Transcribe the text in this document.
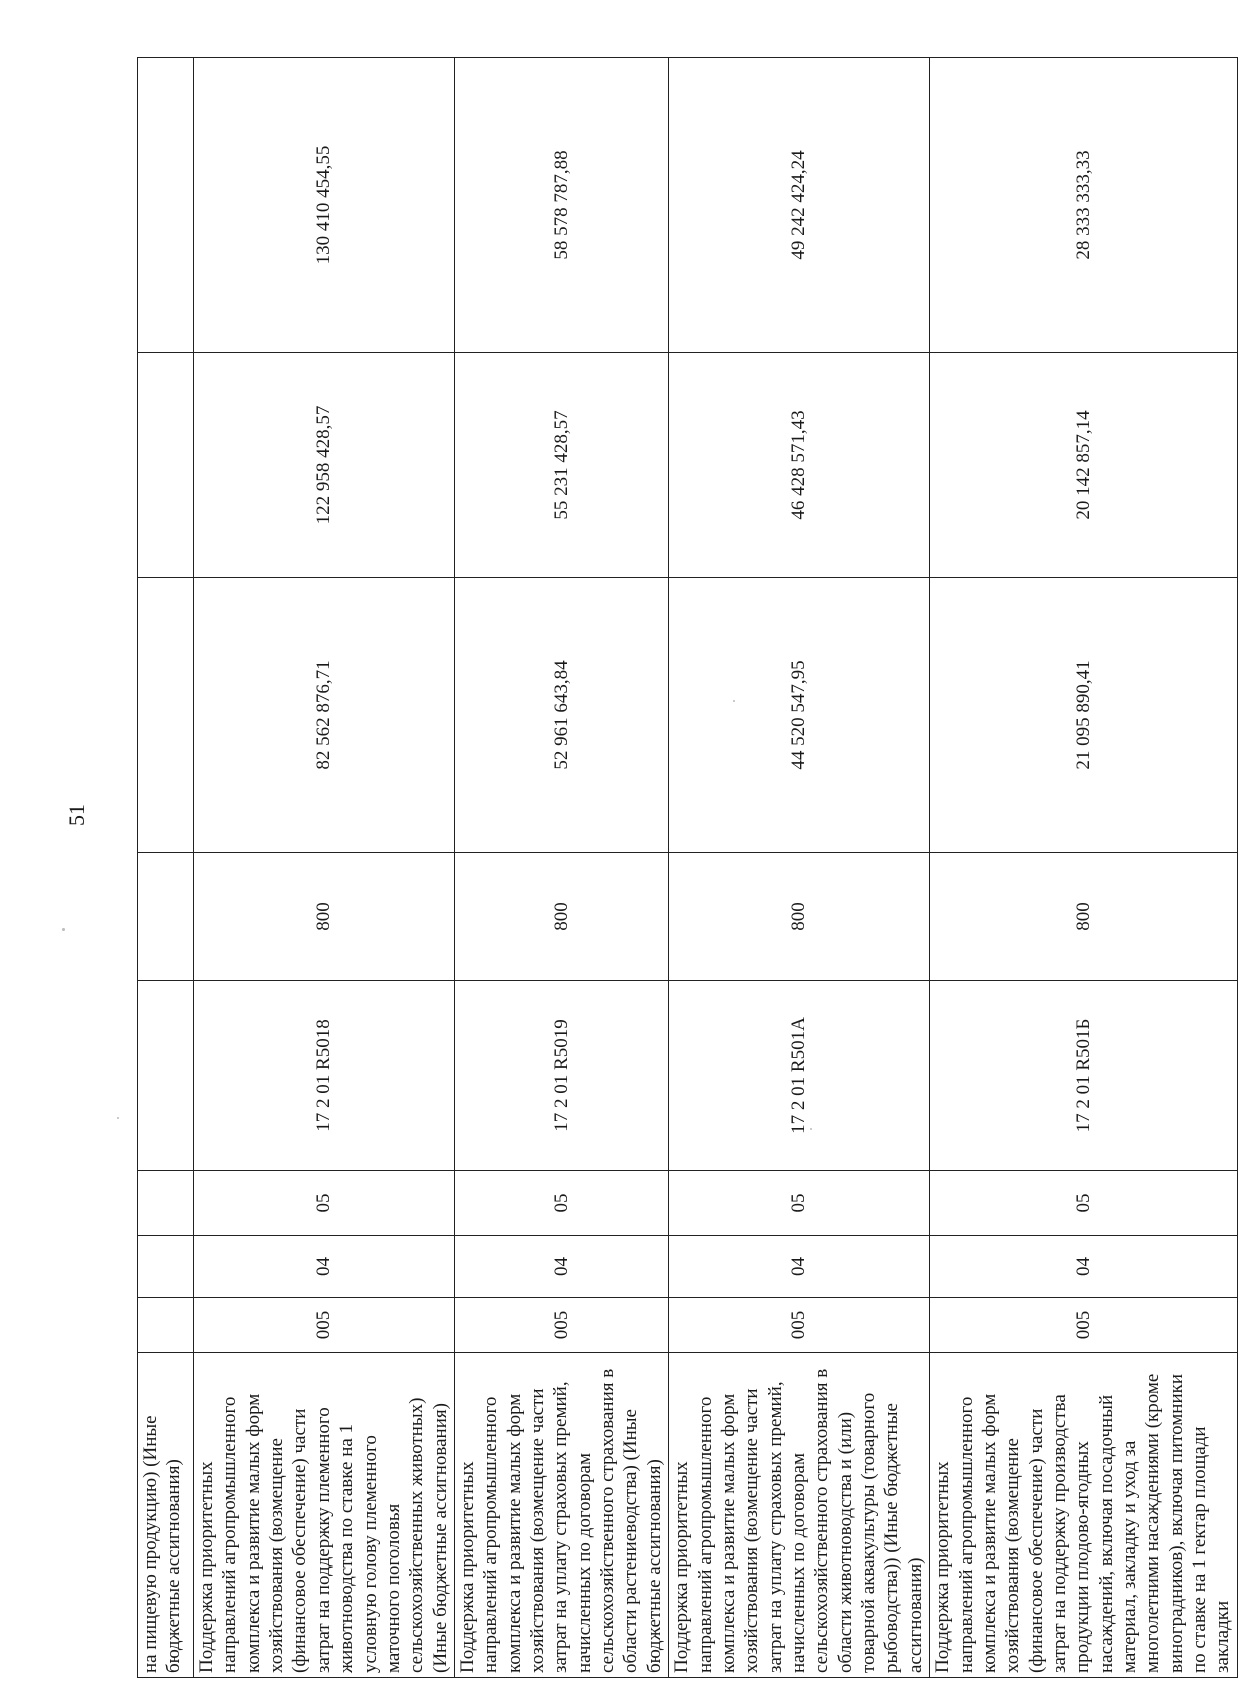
51
на пищевую продукцию) (Иные бюджетные ассигнования)								
Поддержка приоритетных направлений агропромышленного комплекса и развитие малых форм хозяйствования (возмещение (финансовое обеспечение) части затрат на поддержку племенного животноводства по ставке на 1 условную голову племенного маточного поголовья сельскохозяйственных животных) (Иные бюджетные ассигнования)	005	04	05	17 2 01 R5018	800	82 562 876,71	122 958 428,57	130 410 454,55
Поддержка приоритетных направлений агропромышленного комплекса и развитие малых форм хозяйствования (возмещение части затрат на уплату страховых премий, начисленных по договорам сельскохозяйственного страхования в области растениеводства) (Иные бюджетные ассигнования)	005	04	05	17 2 01 R5019	800	52 961 643,84	55 231 428,57	58 578 787,88
Поддержка приоритетных направлений агропромышленного комплекса и развитие малых форм хозяйствования (возмещение части затрат на уплату страховых премий, начисленных по договорам сельскохозяйственного страхования в области животноводства и (или) товарной аквакультуры (товарного рыбоводства)) (Иные бюджетные ассигнования)	005	04	05	17 2 01 R501A	800	44 520 547,95	46 428 571,43	49 242 424,24
Поддержка приоритетных направлений агропромышленного комплекса и развитие малых форм хозяйствования (возмещение (финансовое обеспечение) части затрат на поддержку производства продукции плодово-ягодных насаждений, включая посадочный материал, закладку и уход за многолетними насаждениями (кроме виноградников), включая питомники по ставке на 1 гектар площади закладки	005	04	05	17 2 01 R501Б	800	21 095 890,41	20 142 857,14	28 333 333,33
